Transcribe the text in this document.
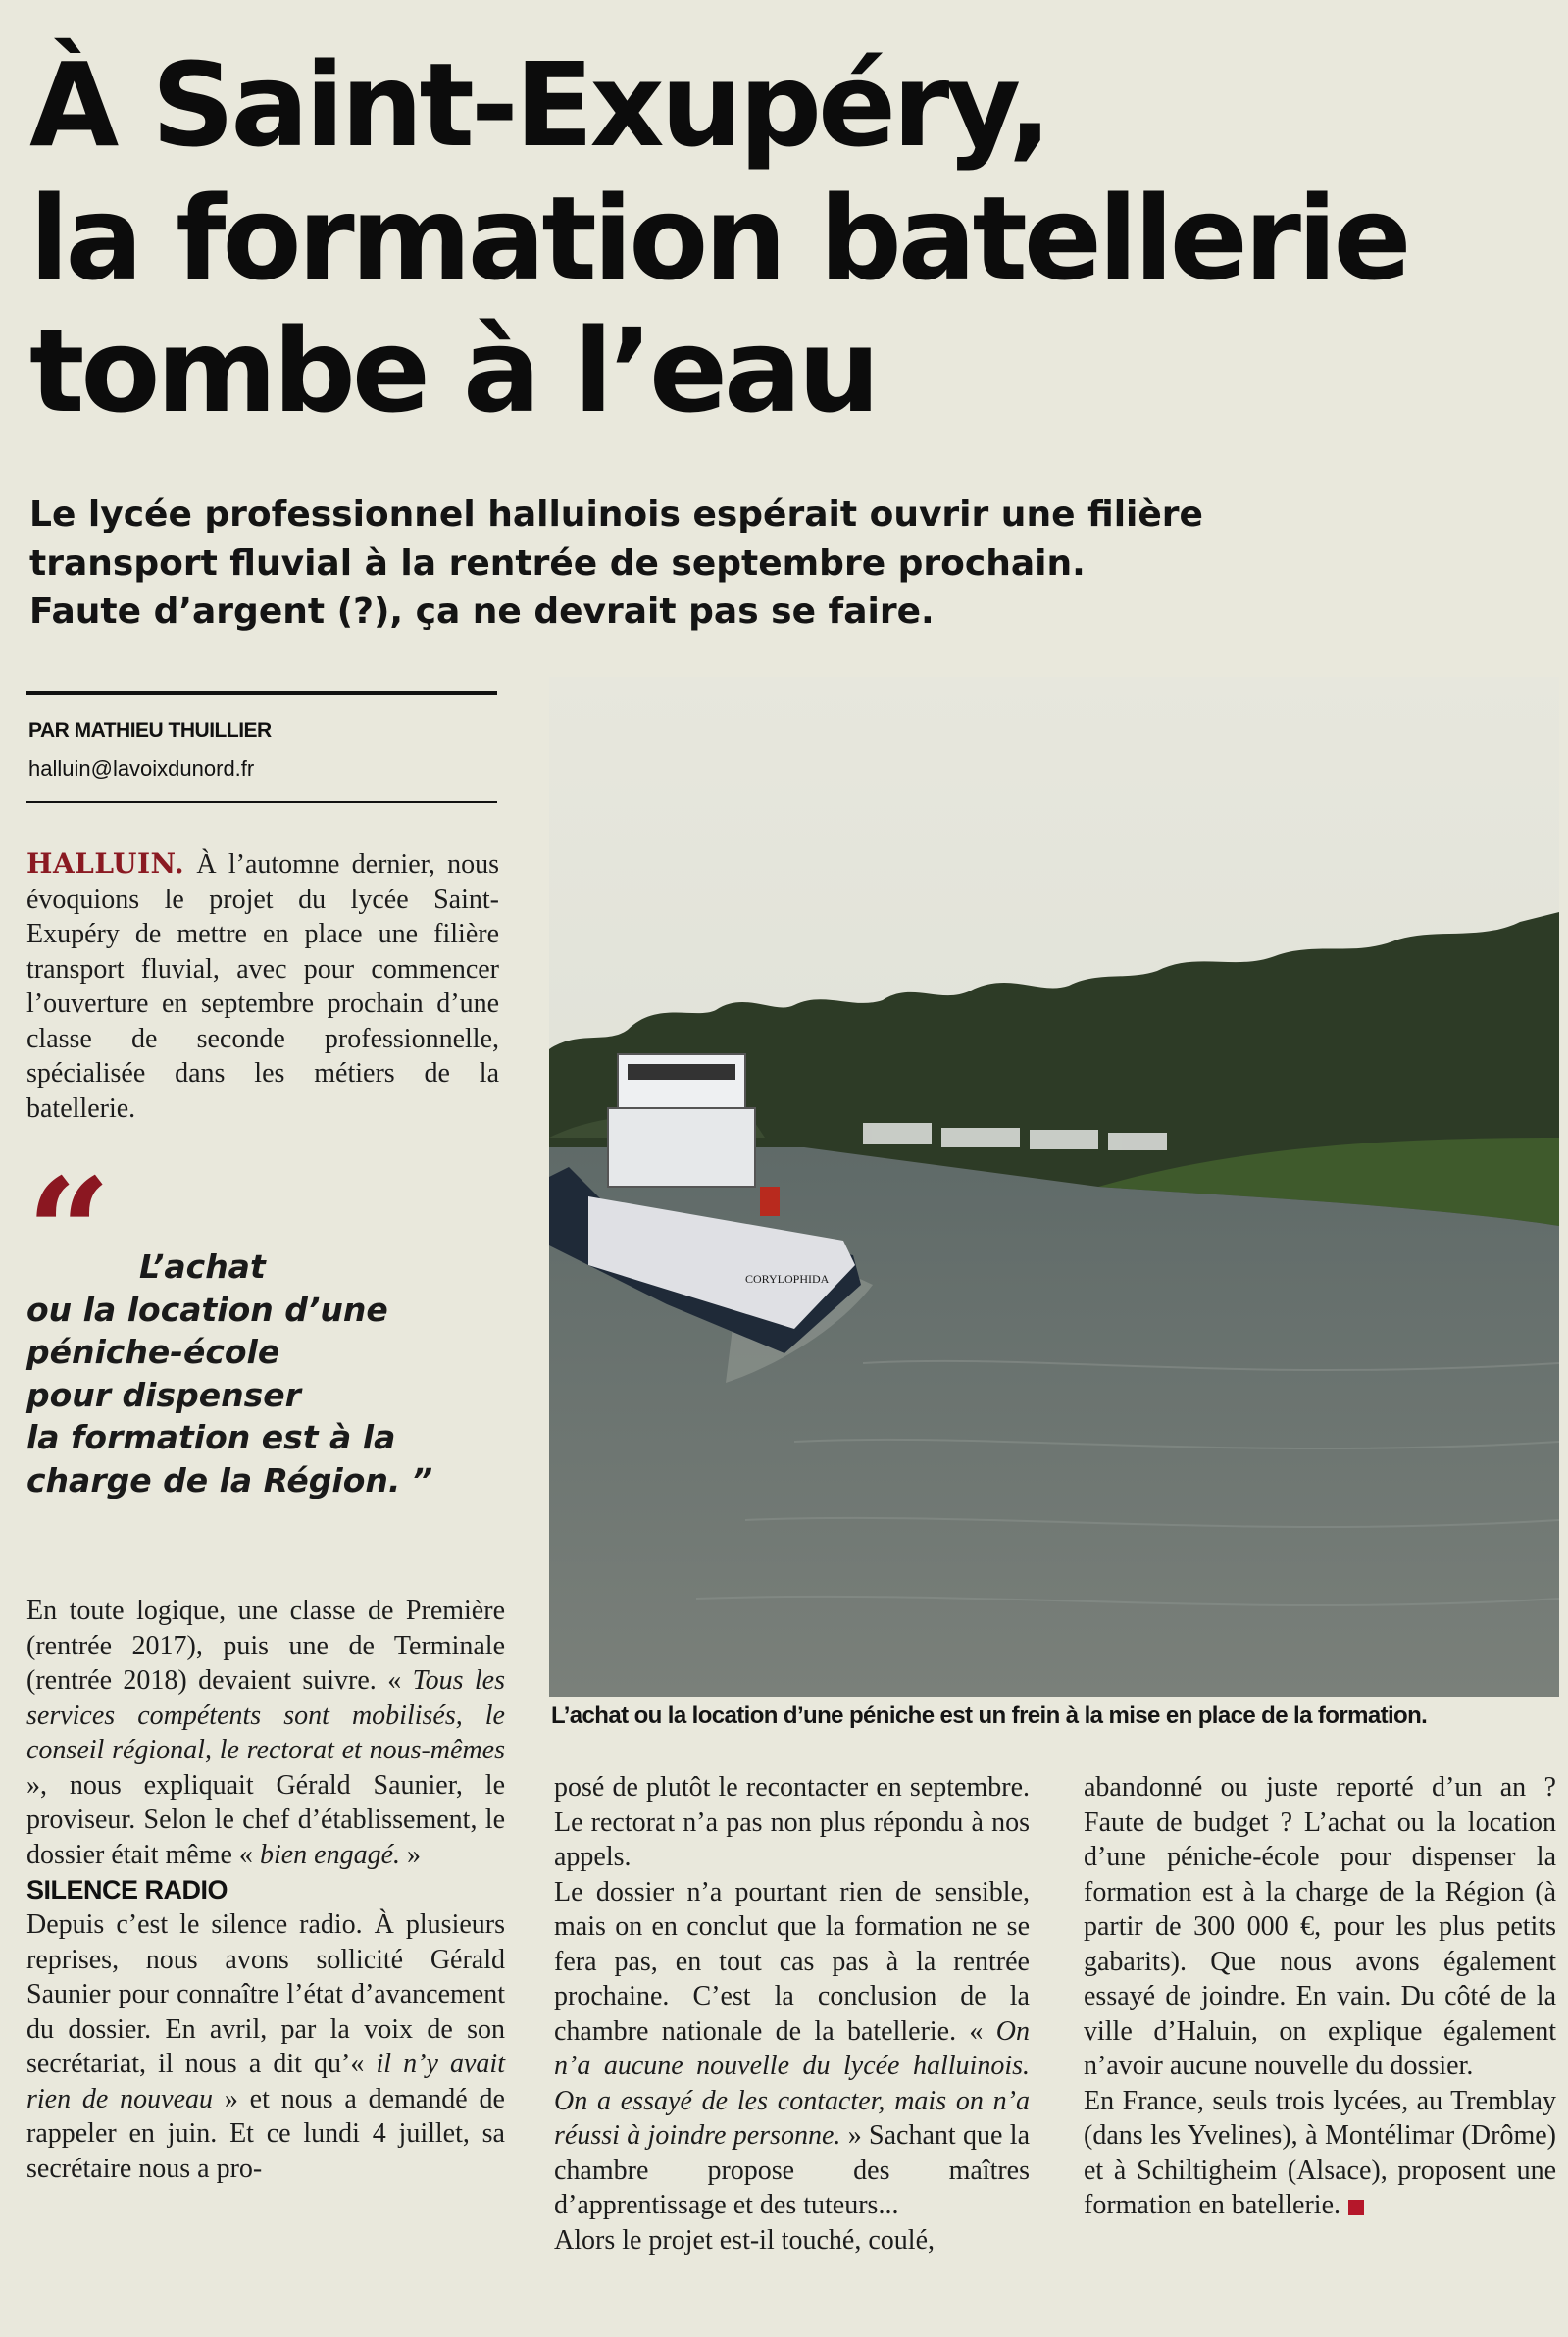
À Saint-Exupéry,
la formation batellerie
tombe à l’eau

Le lycée professionnel halluinois espérait ouvrir une filière
transport fluvial à la rentrée de septembre prochain.
Faute d’argent (?), ça ne devrait pas se faire.

PAR MATHIEU THUILLIER
halluin@lavoixdunord.fr

HALLUIN. À l’automne dernier, nous évoquions le projet du lycée Saint-Exupéry de mettre en place une filière transport fluvial, avec pour commencer l’ouverture en septembre prochain d’une classe de seconde professionnelle, spécialisée dans les métiers de la batellerie.

“ L’achat
ou la location d’une
péniche-école
pour dispenser
la formation est à la
charge de la Région. ”

En toute logique, une classe de Première (rentrée 2017), puis une de Terminale (rentrée 2018) devaient suivre. « Tous les services compétents sont mobilisés, le conseil régional, le rectorat et nous-mêmes », nous expliquait Gérald Saunier, le proviseur. Selon le chef d’établissement, le dossier était même « bien engagé. »

SILENCE RADIO

Depuis c’est le silence radio. À plusieurs reprises, nous avons sollicité Gérald Saunier pour connaître l’état d’avancement du dossier. En avril, par la voix de son secrétariat, il nous a dit qu’« il n’y avait rien de nouveau » et nous a demandé de rappeler en juin. Et ce lundi 4 juillet, sa secrétaire nous a pro-

CORYLOPHIDA
L’achat ou la location d’une péniche est un frein à la mise en place de la formation.

posé de plutôt le recontacter en septembre. Le rectorat n’a pas non plus répondu à nos appels.

Le dossier n’a pourtant rien de sensible, mais on en conclut que la formation ne se fera pas, en tout cas pas à la rentrée prochaine. C’est la conclusion de la chambre nationale de la batellerie. « On n’a aucune nouvelle du lycée halluinois. On a essayé de les contacter, mais on n’a réussi à joindre personne. » Sachant que la chambre propose des maîtres d’apprentissage et des tuteurs...

Alors le projet est-il touché, coulé,

abandonné ou juste reporté d’un an ? Faute de budget ? L’achat ou la location d’une péniche-école pour dispenser la formation est à la charge de la Région (à partir de 300 000 €, pour les plus petits gabarits). Que nous avons également essayé de joindre. En vain. Du côté de la ville d’Haluin, on explique également n’avoir aucune nouvelle du dossier.

En France, seuls trois lycées, au Tremblay (dans les Yvelines), à Montélimar (Drôme) et à Schiltigheim (Alsace), proposent une formation en batellerie.
